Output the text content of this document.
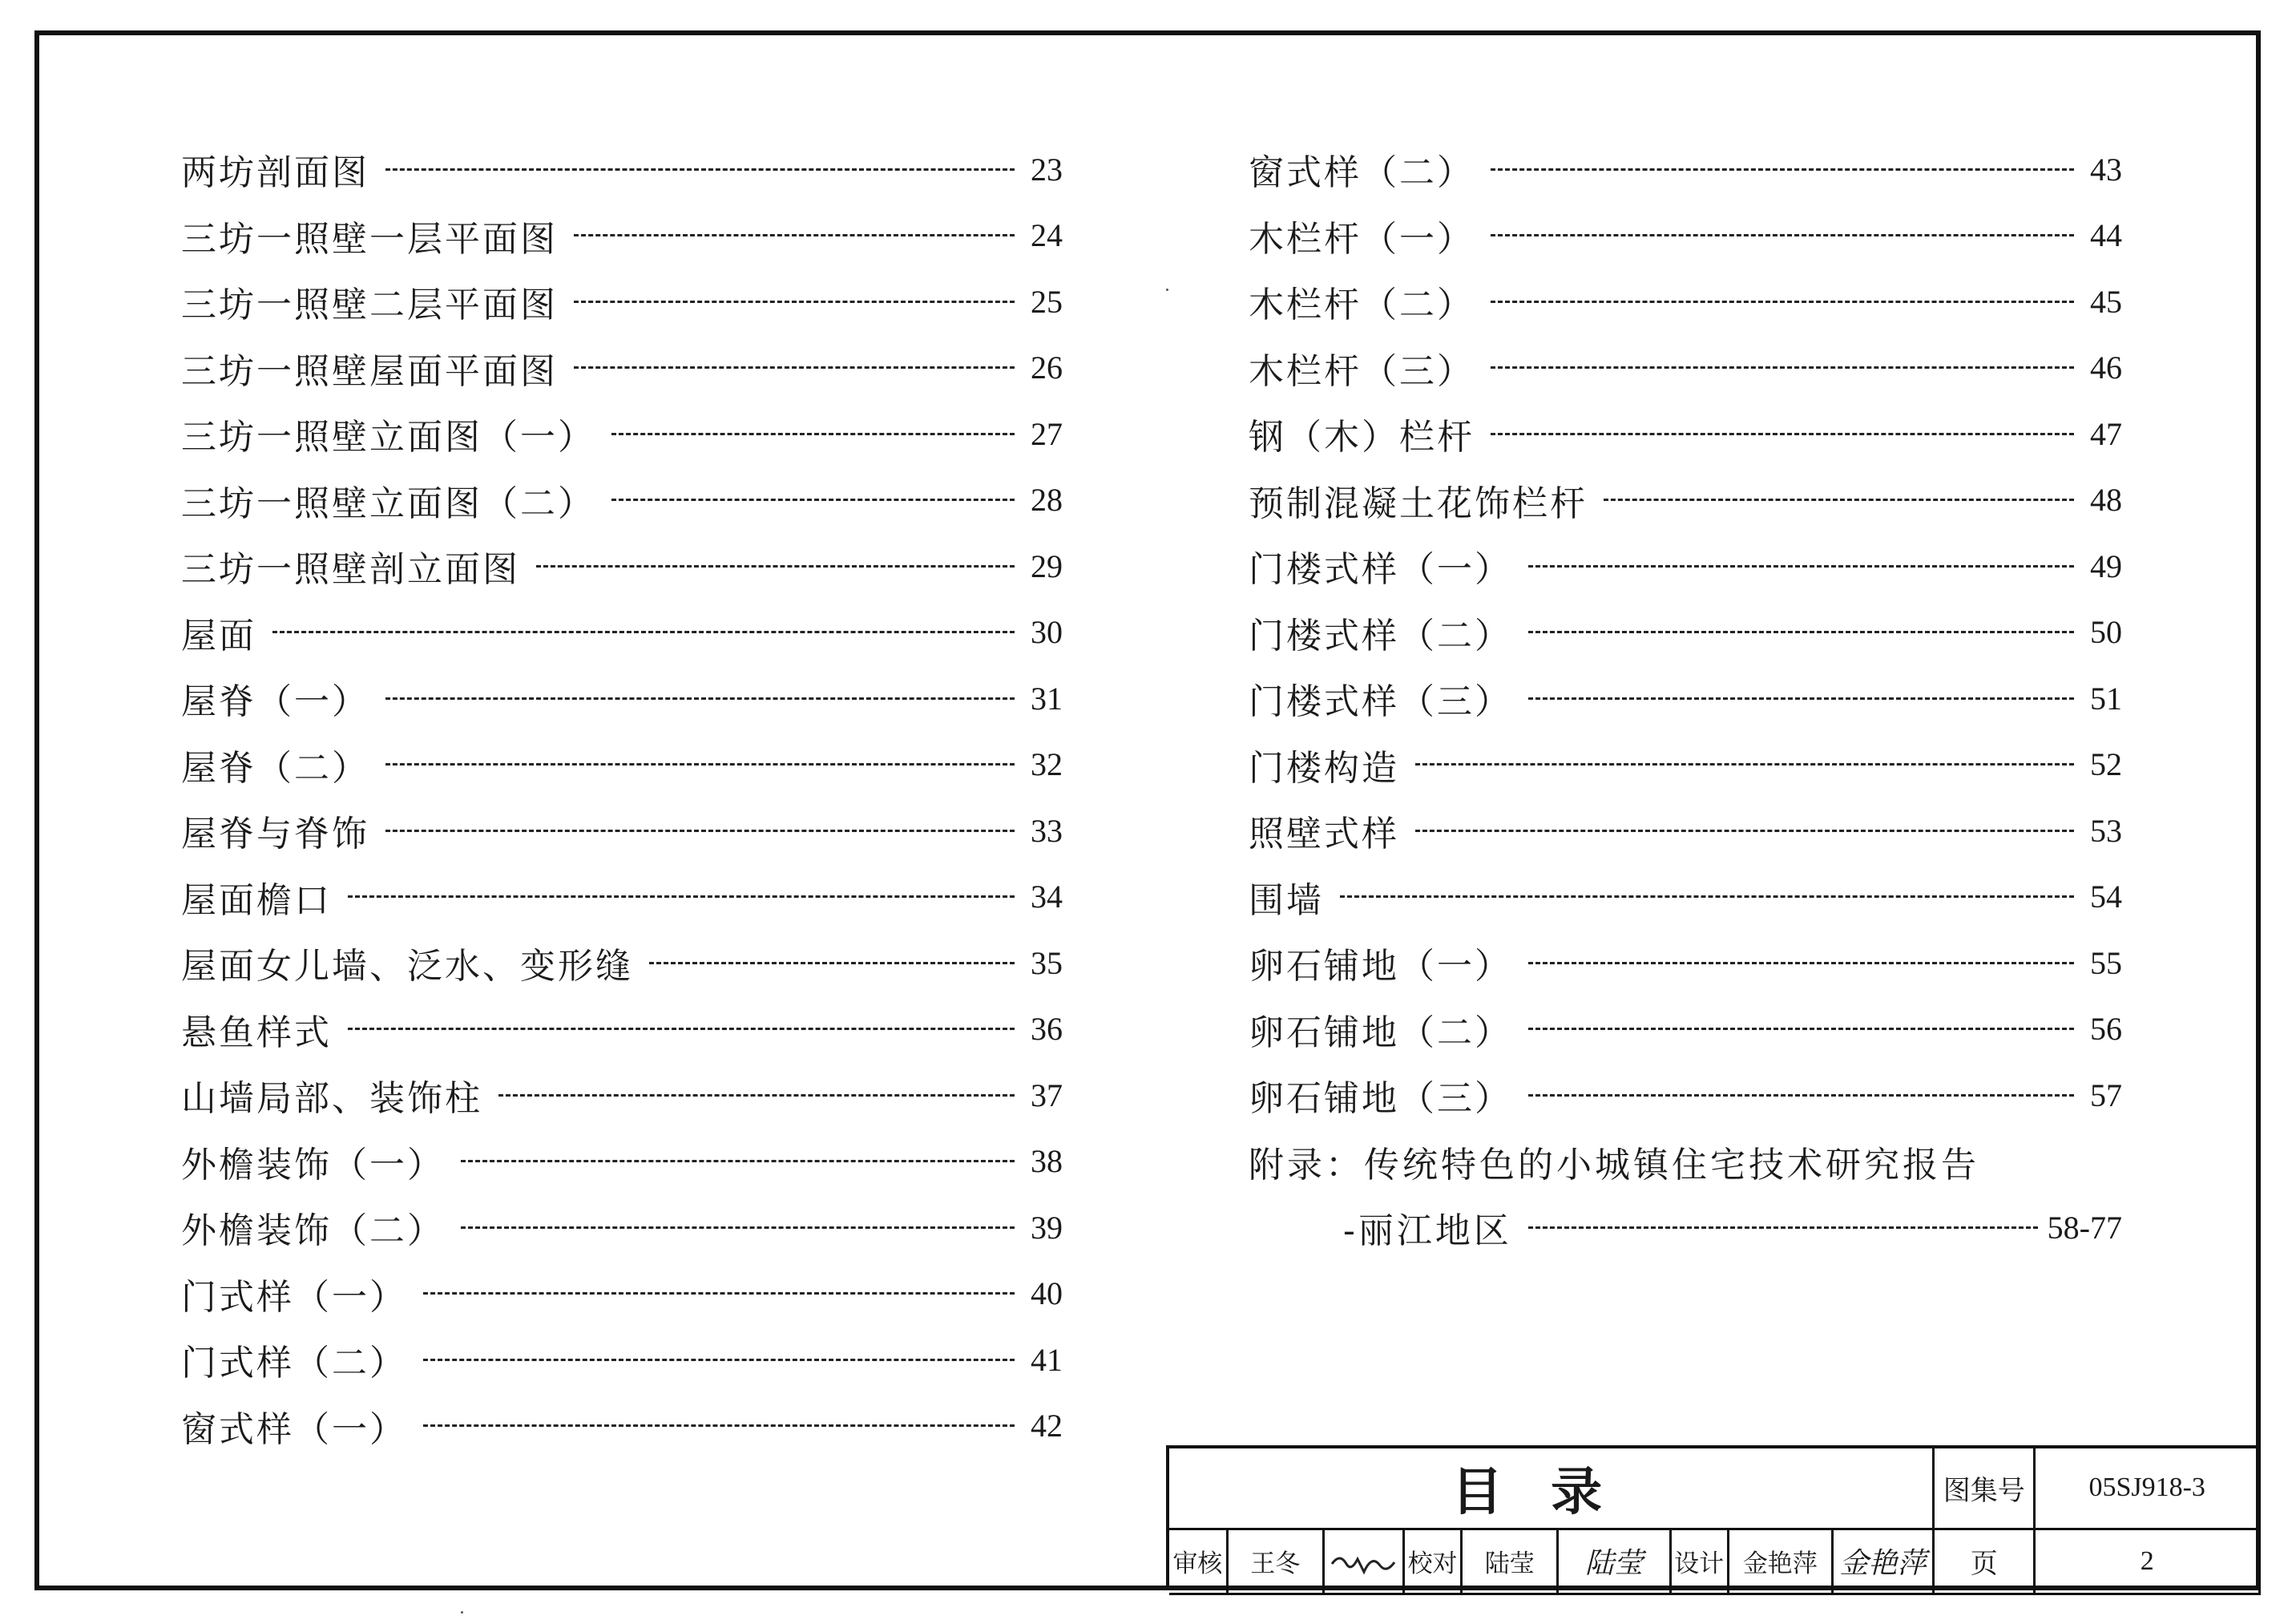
两坊剖面图	23
三坊一照壁一层平面图	24
三坊一照壁二层平面图	25
三坊一照壁屋面平面图	26
三坊一照壁立面图（一）	27
三坊一照壁立面图（二）	28
三坊一照壁剖立面图	29
屋面	30
屋脊（一）	31
屋脊（二）	32
屋脊与脊饰	33
屋面檐口	34
屋面女儿墙、泛水、变形缝	35
悬鱼样式	36
山墙局部、装饰柱	37
外檐装饰（一）	38
外檐装饰（二）	39
门式样（一）	40
门式样（二）	41
窗式样（一）	42
窗式样（二）	43
木栏杆（一）	44
木栏杆（二）	45
木栏杆（三）	46
钢（木）栏杆	47
预制混凝土花饰栏杆	48
门楼式样（一）	49
门楼式样（二）	50
门楼式样（三）	51
门楼构造	52
照壁式样	53
围墙	54
卵石铺地（一）	55
卵石铺地（二）	56
卵石铺地（三）	57
附录：传统特色的小城镇住宅技术研究报告
-丽江地区	58-77
目录									图集号	05SJ918-3
审核	王冬		校对	陆莹	陆莹	设计	金艳萍	金艳萍	页	2
